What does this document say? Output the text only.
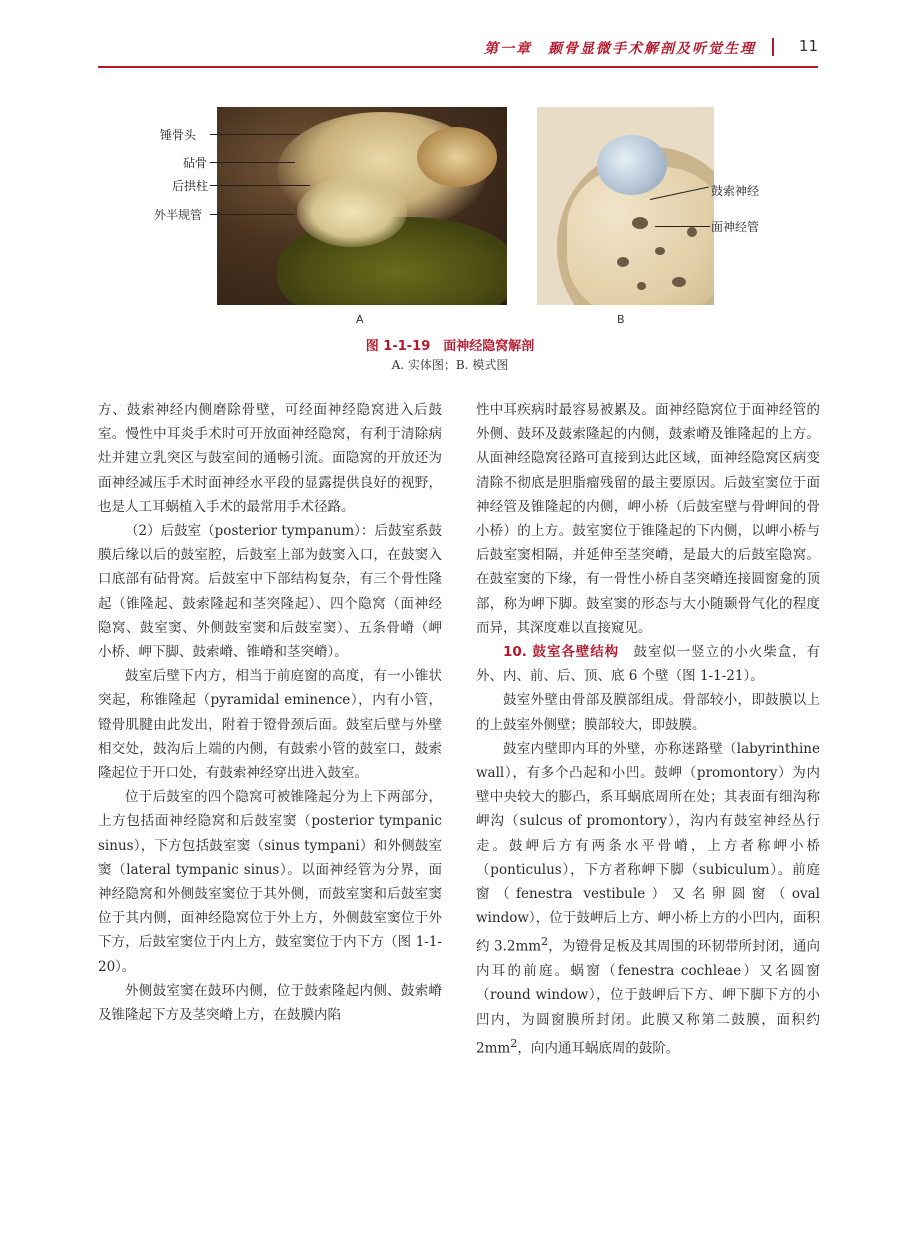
第一章　颞骨显微手术解剖及听觉生理	11
锤骨头
砧骨
后拱柱
外半规管
A
鼓索神经
面神经管
B
图 1-1-19　面神经隐窝解剖
A. 实体图；B. 模式图

方、鼓索神经内侧磨除骨壁，可经面神经隐窝进入后鼓室。慢性中耳炎手术时可开放面神经隐窝，有利于清除病灶并建立乳突区与鼓室间的通畅引流。面隐窝的开放还为面神经减压手术时面神经水平段的显露提供良好的视野，也是人工耳蜗植入手术的最常用手术径路。

（2）后鼓室（posterior tympanum）：后鼓室系鼓膜后缘以后的鼓室腔，后鼓室上部为鼓窦入口，在鼓窦入口底部有砧骨窝。后鼓室中下部结构复杂，有三个骨性隆起（锥隆起、鼓索隆起和茎突隆起）、四个隐窝（面神经隐窝、鼓室窦、外侧鼓室窦和后鼓室窦）、五条骨嵴（岬小桥、岬下脚、鼓索嵴、锥嵴和茎突嵴）。

鼓室后壁下内方，相当于前庭窗的高度，有一小锥状突起，称锥隆起（pyramidal eminence），内有小管，镫骨肌腱由此发出，附着于镫骨颈后面。鼓室后壁与外壁相交处，鼓沟后上端的内侧，有鼓索小管的鼓室口，鼓索隆起位于开口处，有鼓索神经穿出进入鼓室。

位于后鼓室的四个隐窝可被锥隆起分为上下两部分，上方包括面神经隐窝和后鼓室窦（posterior tympanic sinus），下方包括鼓室窦（sinus tympani）和外侧鼓室窦（lateral tympanic sinus）。以面神经管为分界，面神经隐窝和外侧鼓室窦位于其外侧，而鼓室窦和后鼓室窦位于其内侧，面神经隐窝位于外上方，外侧鼓室窦位于外下方，后鼓室窦位于内上方，鼓室窦位于内下方（图 1-1-20）。

外侧鼓室窦在鼓环内侧，位于鼓索隆起内侧、鼓索嵴及锥隆起下方及茎突嵴上方，在鼓膜内陷

性中耳疾病时最容易被累及。面神经隐窝位于面神经管的外侧、鼓环及鼓索隆起的内侧，鼓索嵴及锥隆起的上方。从面神经隐窝径路可直接到达此区域，面神经隐窝区病变清除不彻底是胆脂瘤残留的最主要原因。后鼓室窦位于面神经管及锥隆起的内侧，岬小桥（后鼓室壁与骨岬间的骨小桥）的上方。鼓室窦位于锥隆起的下内侧，以岬小桥与后鼓室窦相隔，并延伸至茎突嵴，是最大的后鼓室隐窝。在鼓室窦的下缘，有一骨性小桥自茎突嵴连接圆窗龛的顶部，称为岬下脚。鼓室窦的形态与大小随颞骨气化的程度而异，其深度难以直接窥见。

10. 鼓室各壁结构　 鼓室似一竖立的小火柴盒，有外、内、前、后、顶、底 6 个壁（图 1-1-21）。

鼓室外壁由骨部及膜部组成。骨部较小，即鼓膜以上的上鼓室外侧壁；膜部较大，即鼓膜。

鼓室内壁即内耳的外壁，亦称迷路壁（labyrinthine wall），有多个凸起和小凹。鼓岬（promontory）为内壁中央较大的膨凸，系耳蜗底周所在处；其表面有细沟称岬沟（sulcus of promontory），沟内有鼓室神经丛行走。鼓岬后方有两条水平骨嵴，上方者称岬小桥（ponticulus），下方者称岬下脚（subiculum）。前庭窗（fenestra vestibule）又名卵圆窗（oval window），位于鼓岬后上方、岬小桥上方的小凹内，面积约 $3.2mm^2$，为镫骨足板及其周围的环韧带所封闭，通向内耳的前庭。蜗窗（fenestra cochleae）又名圆窗（round window），位于鼓岬后下方、岬下脚下方的小凹内，为圆窗膜所封闭。此膜又称第二鼓膜，面积约 $2mm^2$，向内通耳蜗底周的鼓阶。
